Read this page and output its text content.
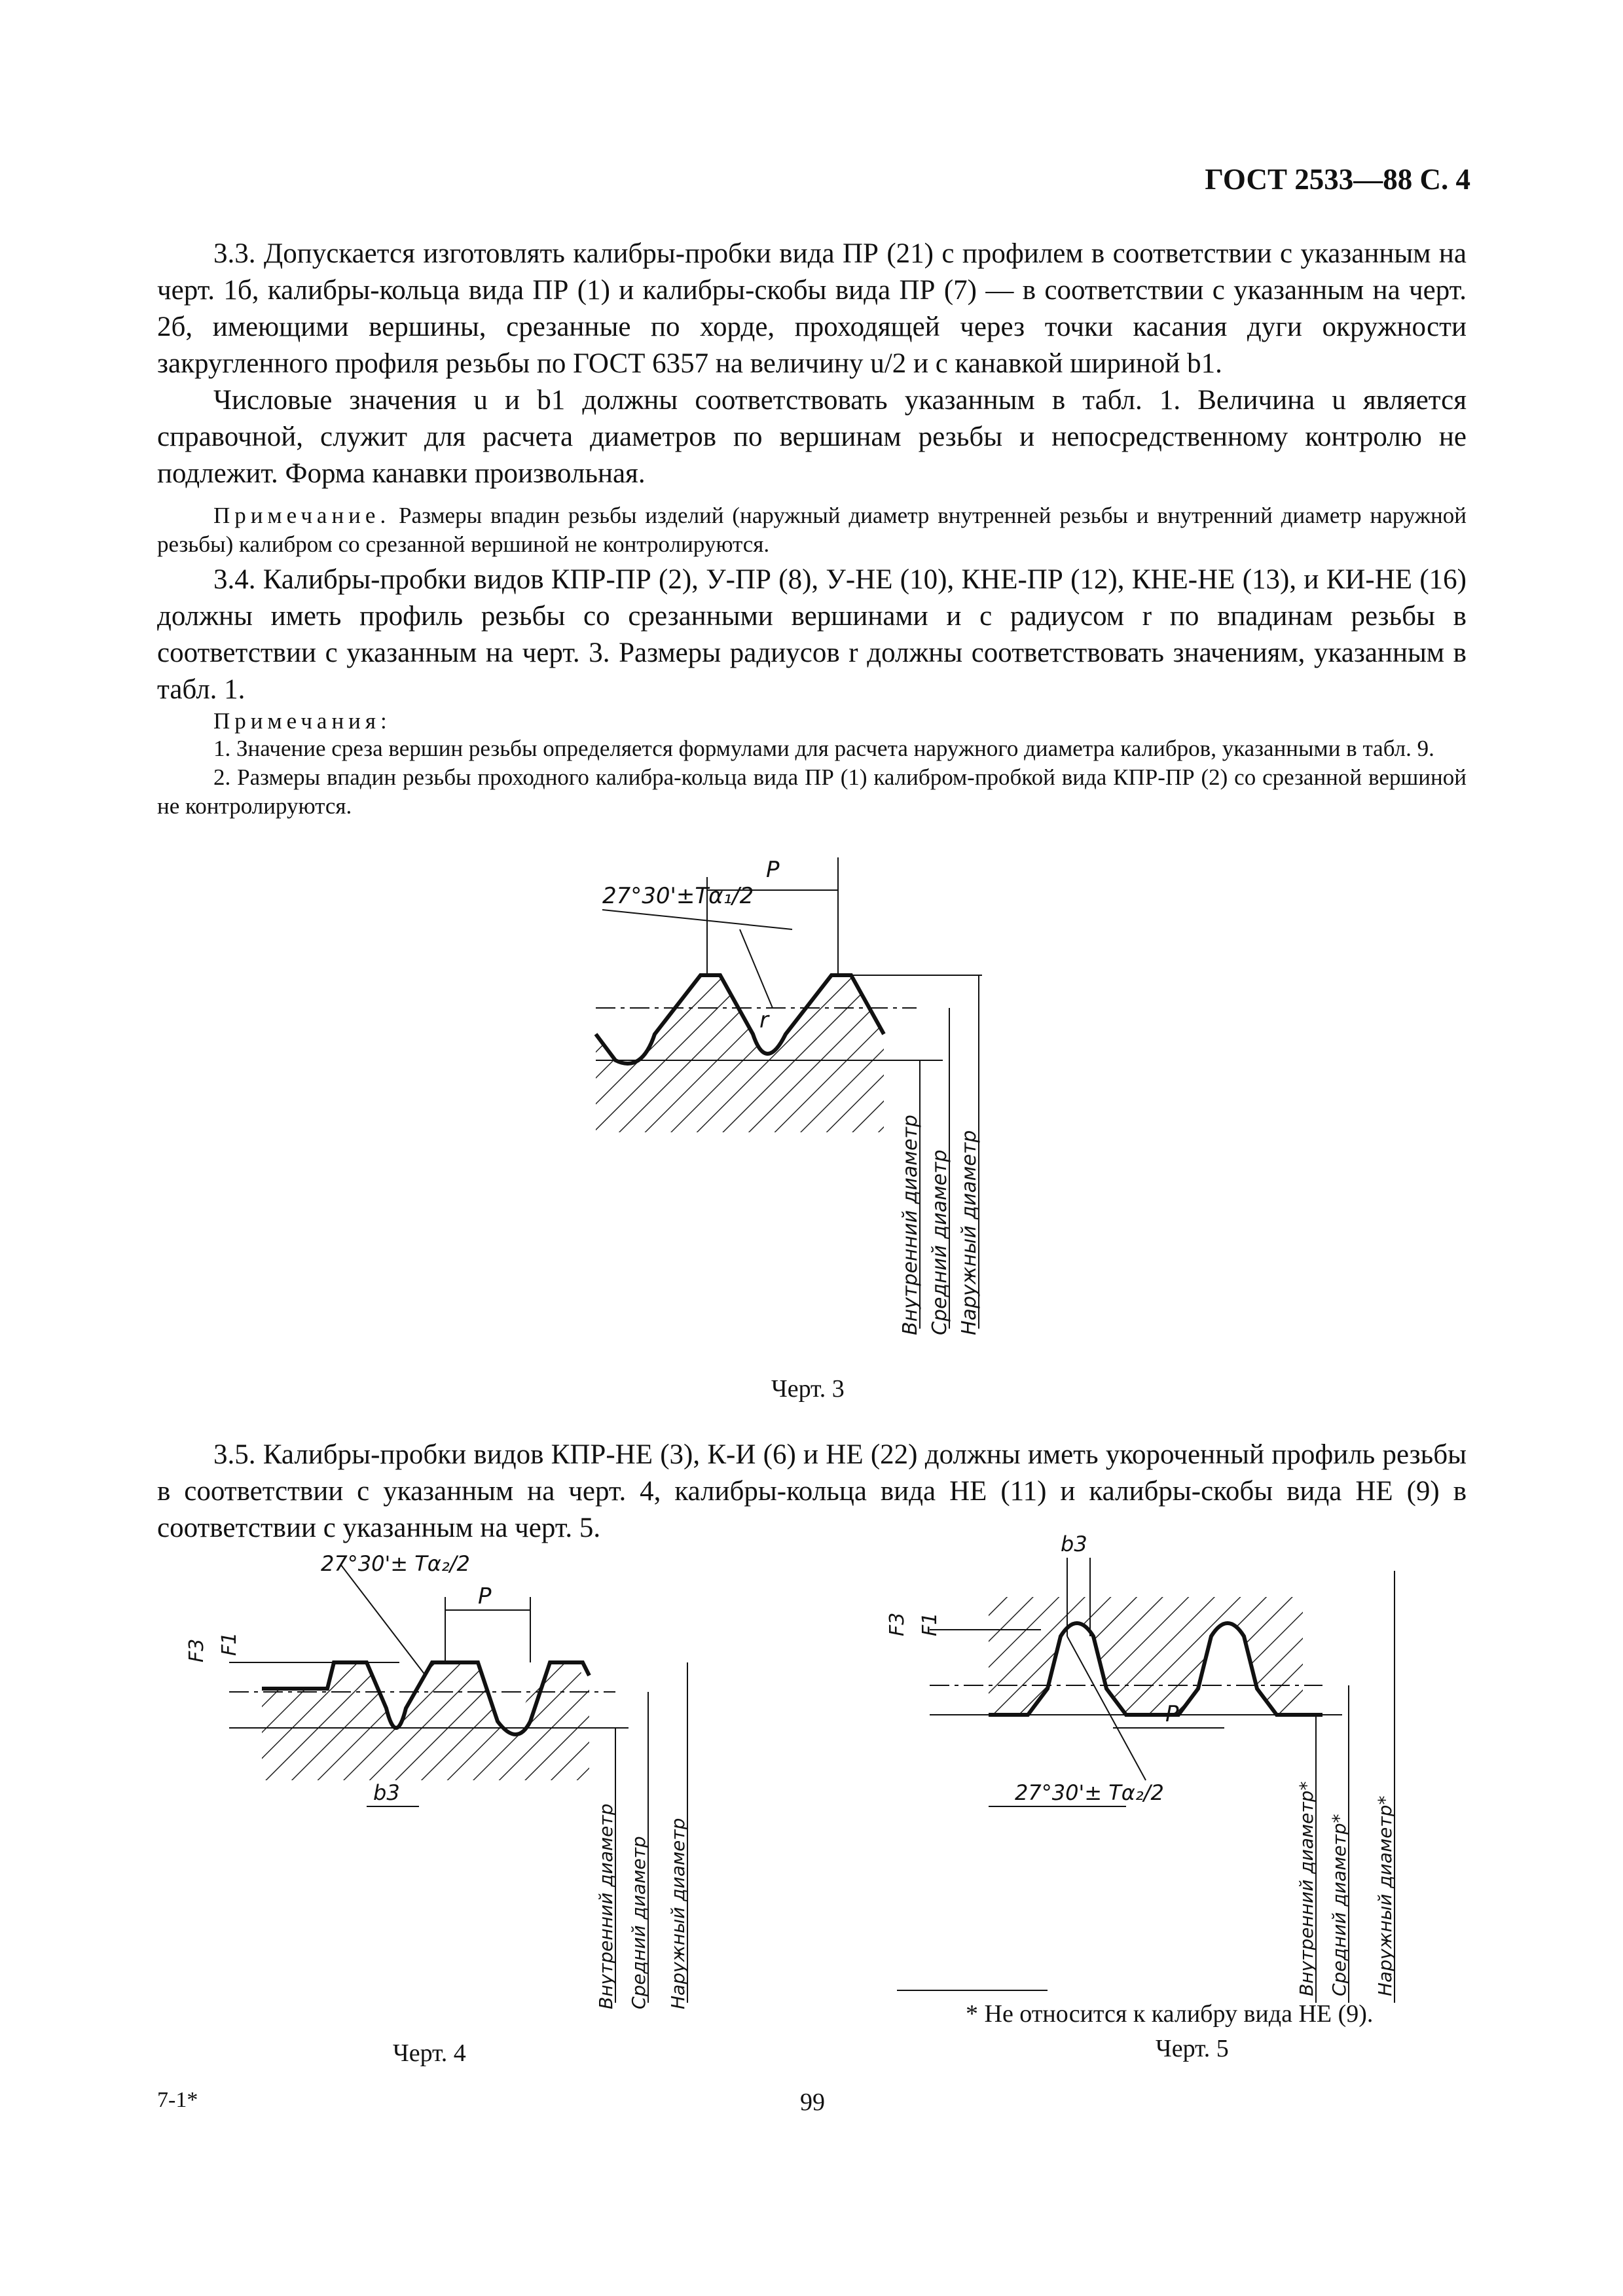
ГОСТ 2533—88 С. 4

3.3. Допускается изготовлять калибры-пробки вида ПР (21) с профилем в соответствии с указанным на черт. 1б, калибры-кольца вида ПР (1) и калибры-скобы вида ПР (7) — в соответствии с указанным на черт. 2б, имеющими вершины, срезанные по хорде, проходящей через точки касания дуги окружности закругленного профиля резьбы по ГОСТ 6357 на величину u/2 и с канавкой шириной b1.

Числовые значения u и b1 должны соответствовать указанным в табл. 1. Величина u является справочной, служит для расчета диаметров по вершинам резьбы и непосредственному контролю не подлежит. Форма канавки произвольная.

Примечание. Размеры впадин резьбы изделий (наружный диаметр внутренней резьбы и внутренний диаметр наружной резьбы) калибром со срезанной вершиной не контролируются.

3.4. Калибры-пробки видов КПР-ПР (2), У-ПР (8), У-НЕ (10), КНЕ-ПР (12), КНЕ-НЕ (13), и КИ-НЕ (16) должны иметь профиль резьбы со срезанными вершинами и с радиусом r по впадинам резьбы в соответствии с указанным на черт. 3. Размеры радиусов r должны соответствовать значениям, указанным в табл. 1.

Примечания:

1. Значение среза вершин резьбы определяется формулами для расчета наружного диаметра калибров, указанными в табл. 9.

2. Размеры впадин резьбы проходного калибра-кольца вида ПР (1) калибром-пробкой вида КПР-ПР (2) со срезанной вершиной не контролируются.

27°30'±Tα₁/2
P
r
Внутренний диаметр Средний диаметр Наружный диаметр
Черт. 3

3.5. Калибры-пробки видов КПР-НЕ (3), К-И (6) и НЕ (22) должны иметь укороченный профиль резьбы в соответствии с указанным на черт. 4, калибры-кольца вида НЕ (11) и калибры-скобы вида НЕ (9) в соответствии с указанным на черт. 5.

27°30'± Tα₂/2
P
F3 F1
b3
Внутренний диаметр Средний диаметр Наружный диаметр
Черт. 4
b3
P
27°30'± Tα₂/2
F3 F1
Внутренний диаметр* Средний диаметр* Наружный диаметр*
* Не относится к калибру вида НЕ (9).
Черт. 5
7-1*	99
